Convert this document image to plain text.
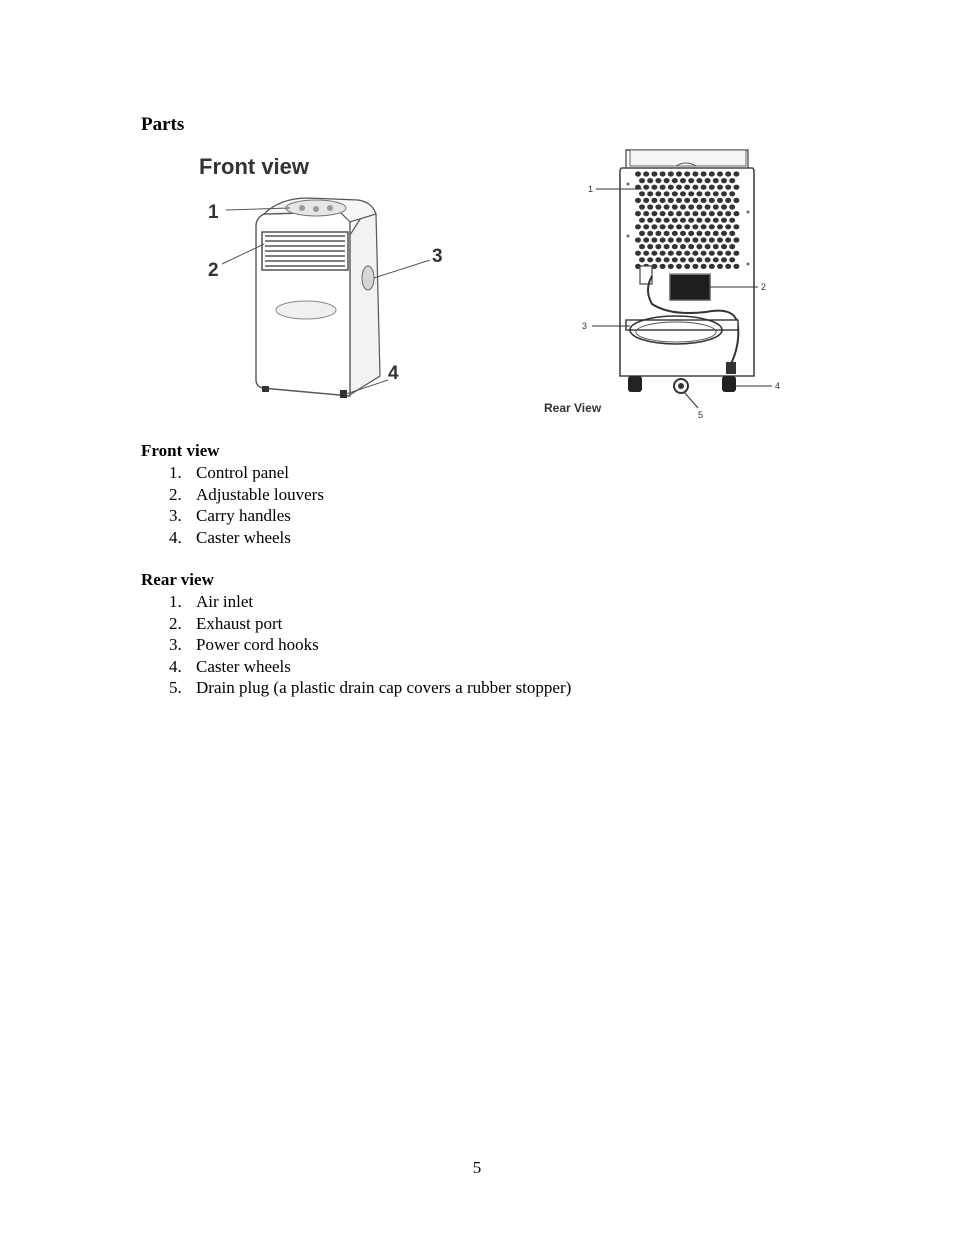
Parts
Front view
1
2
3
4
1
2
3
4
5
Rear View
Front view
1. Control panel
2. Adjustable louvers
3. Carry handles
4. Caster wheels
Rear view
1. Air inlet
2. Exhaust port
3. Power cord hooks
4. Caster wheels
5. Drain plug (a plastic drain cap covers a rubber stopper)
5
